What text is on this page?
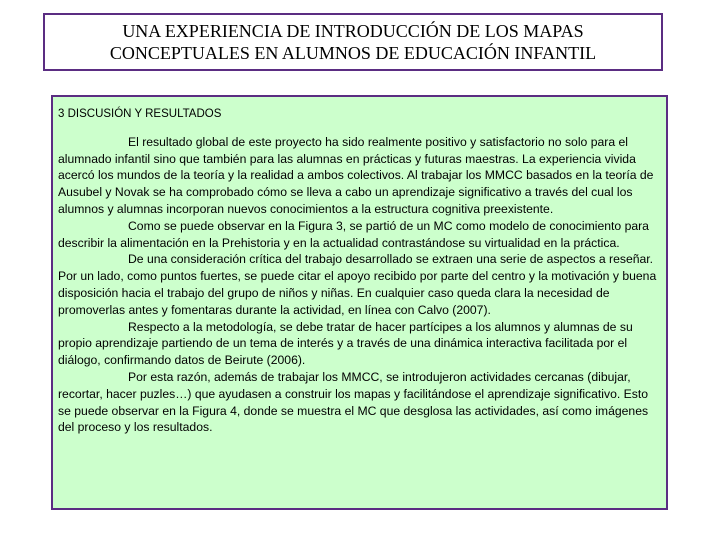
UNA EXPERIENCIA DE INTRODUCCIÓN DE LOS MAPAS
CONCEPTUALES EN ALUMNOS DE EDUCACIÓN INFANTIL
3 DISCUSIÓN Y RESULTADOS

El resultado global de este proyecto ha sido realmente positivo y satisfactorio no solo para el alumnado infantil sino que también para las alumnas en prácticas y futuras maestras. La experiencia vivida acercó los mundos de la teoría y la realidad a ambos colectivos. Al trabajar los MMCC basados en la teoría de Ausubel y Novak se ha comprobado cómo se lleva a cabo un aprendizaje significativo a través del cual los alumnos y alumnas incorporan nuevos conocimientos a la estructura cognitiva preexistente.

Como se puede observar en la Figura 3, se partió de un MC como modelo de conocimiento para describir la alimentación en la Prehistoria y en la actualidad contrastándose su virtualidad en la práctica.

De una consideración crítica del trabajo desarrollado se extraen una serie de aspectos a reseñar. Por un lado, como puntos fuertes, se puede citar el apoyo recibido por parte del centro y la motivación y buena disposición hacia el trabajo del grupo de niños y niñas. En cualquier caso queda clara la necesidad de promoverlas antes y fomentaras durante la actividad, en línea con Calvo (2007).

Respecto a la metodología, se debe tratar de hacer partícipes a los alumnos y alumnas de su propio aprendizaje partiendo de un tema de interés y a través de una dinámica interactiva facilitada por el diálogo, confirmando datos de Beirute (2006).

Por esta razón, además de trabajar los MMCC, se introdujeron actividades cercanas (dibujar, recortar, hacer puzles…) que ayudasen a construir los mapas y facilitándose el aprendizaje significativo. Esto se puede observar en la Figura 4, donde se muestra el MC que desglosa las actividades, así como imágenes del proceso y los resultados.
